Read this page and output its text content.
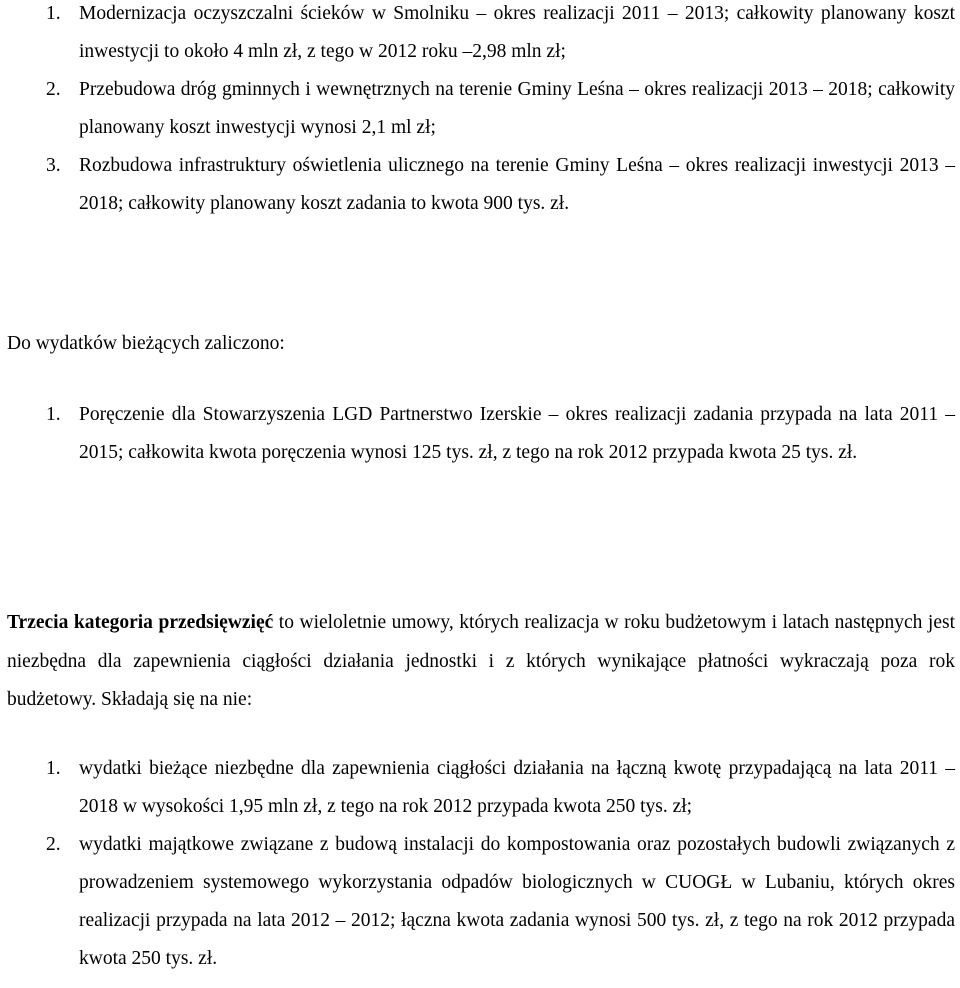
1. Modernizacja oczyszczalni ścieków w Smolniku – okres realizacji 2011 – 2013; całkowity planowany koszt inwestycji to około 4 mln zł, z tego w 2012 roku –2,98 mln zł;
2. Przebudowa dróg gminnych i wewnętrznych na terenie Gminy Leśna – okres realizacji 2013 – 2018; całkowity planowany koszt inwestycji wynosi 2,1 ml zł;
3. Rozbudowa infrastruktury oświetlenia ulicznego na terenie Gminy Leśna – okres realizacji inwestycji 2013 – 2018; całkowity planowany koszt zadania to kwota 900 tys. zł.
Do wydatków bieżących zaliczono:
1. Poręczenie dla Stowarzyszenia LGD Partnerstwo Izerskie – okres realizacji zadania przypada na lata 2011 – 2015; całkowita kwota poręczenia wynosi 125 tys. zł, z tego na rok 2012 przypada kwota 25 tys. zł.

Trzecia kategoria przedsięwzięć to wieloletnie umowy, których realizacja w roku budżetowym i latach następnych jest niezbędna dla zapewnienia ciągłości działania jednostki i z których wynikające płatności wykraczają poza rok budżetowy. Składają się na nie:

1. wydatki bieżące niezbędne dla zapewnienia ciągłości działania na łączną kwotę przypadającą na lata 2011 – 2018 w wysokości 1,95 mln zł, z tego na rok 2012 przypada kwota 250 tys. zł;
2. wydatki majątkowe związane z budową instalacji do kompostowania oraz pozostałych budowli związanych z prowadzeniem systemowego wykorzystania odpadów biologicznych w CUOGŁ w Lubaniu, których okres realizacji przypada na lata 2012 – 2012; łączna kwota zadania wynosi 500 tys. zł, z tego na rok 2012 przypada kwota 250 tys. zł.
